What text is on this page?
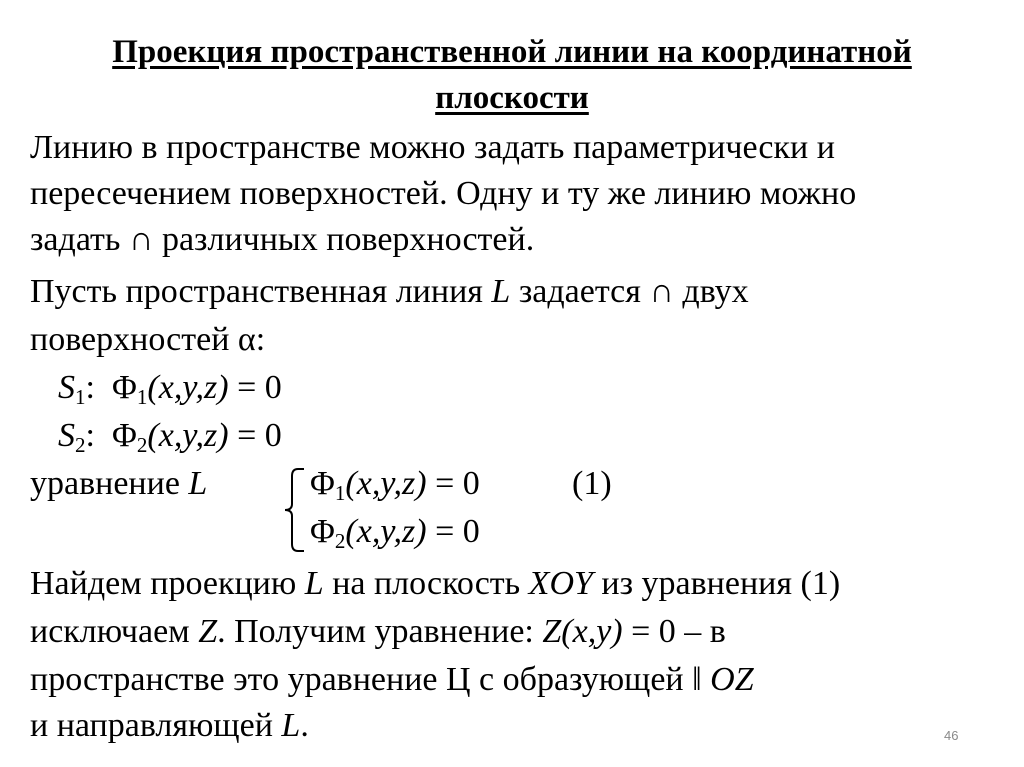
Проекция пространственной линии на координатной
плоскости
Линию в пространстве можно задать параметрически и
пересечением поверхностей. Одну и ту же линию можно
задать ∩ различных поверхностей.
Пусть пространственная линия L задается ∩ двух
поверхностей α:
$S_1$: $\Phi_1(x,y,z) = 0$
$S_2$: $\Phi_2(x,y,z) = 0$
уравнение L	$\Phi_1(x,y,z) = 0$	(1)
$\Phi_2(x,y,z) = 0$
Найдем проекцию L на плоскость XOY из уравнения (1)
исключаем Z. Получим уравнение: Z(x,y) = 0 – в
пространстве это уравнение Ц с образующей ǁ OZ
и направляющей L.	46
